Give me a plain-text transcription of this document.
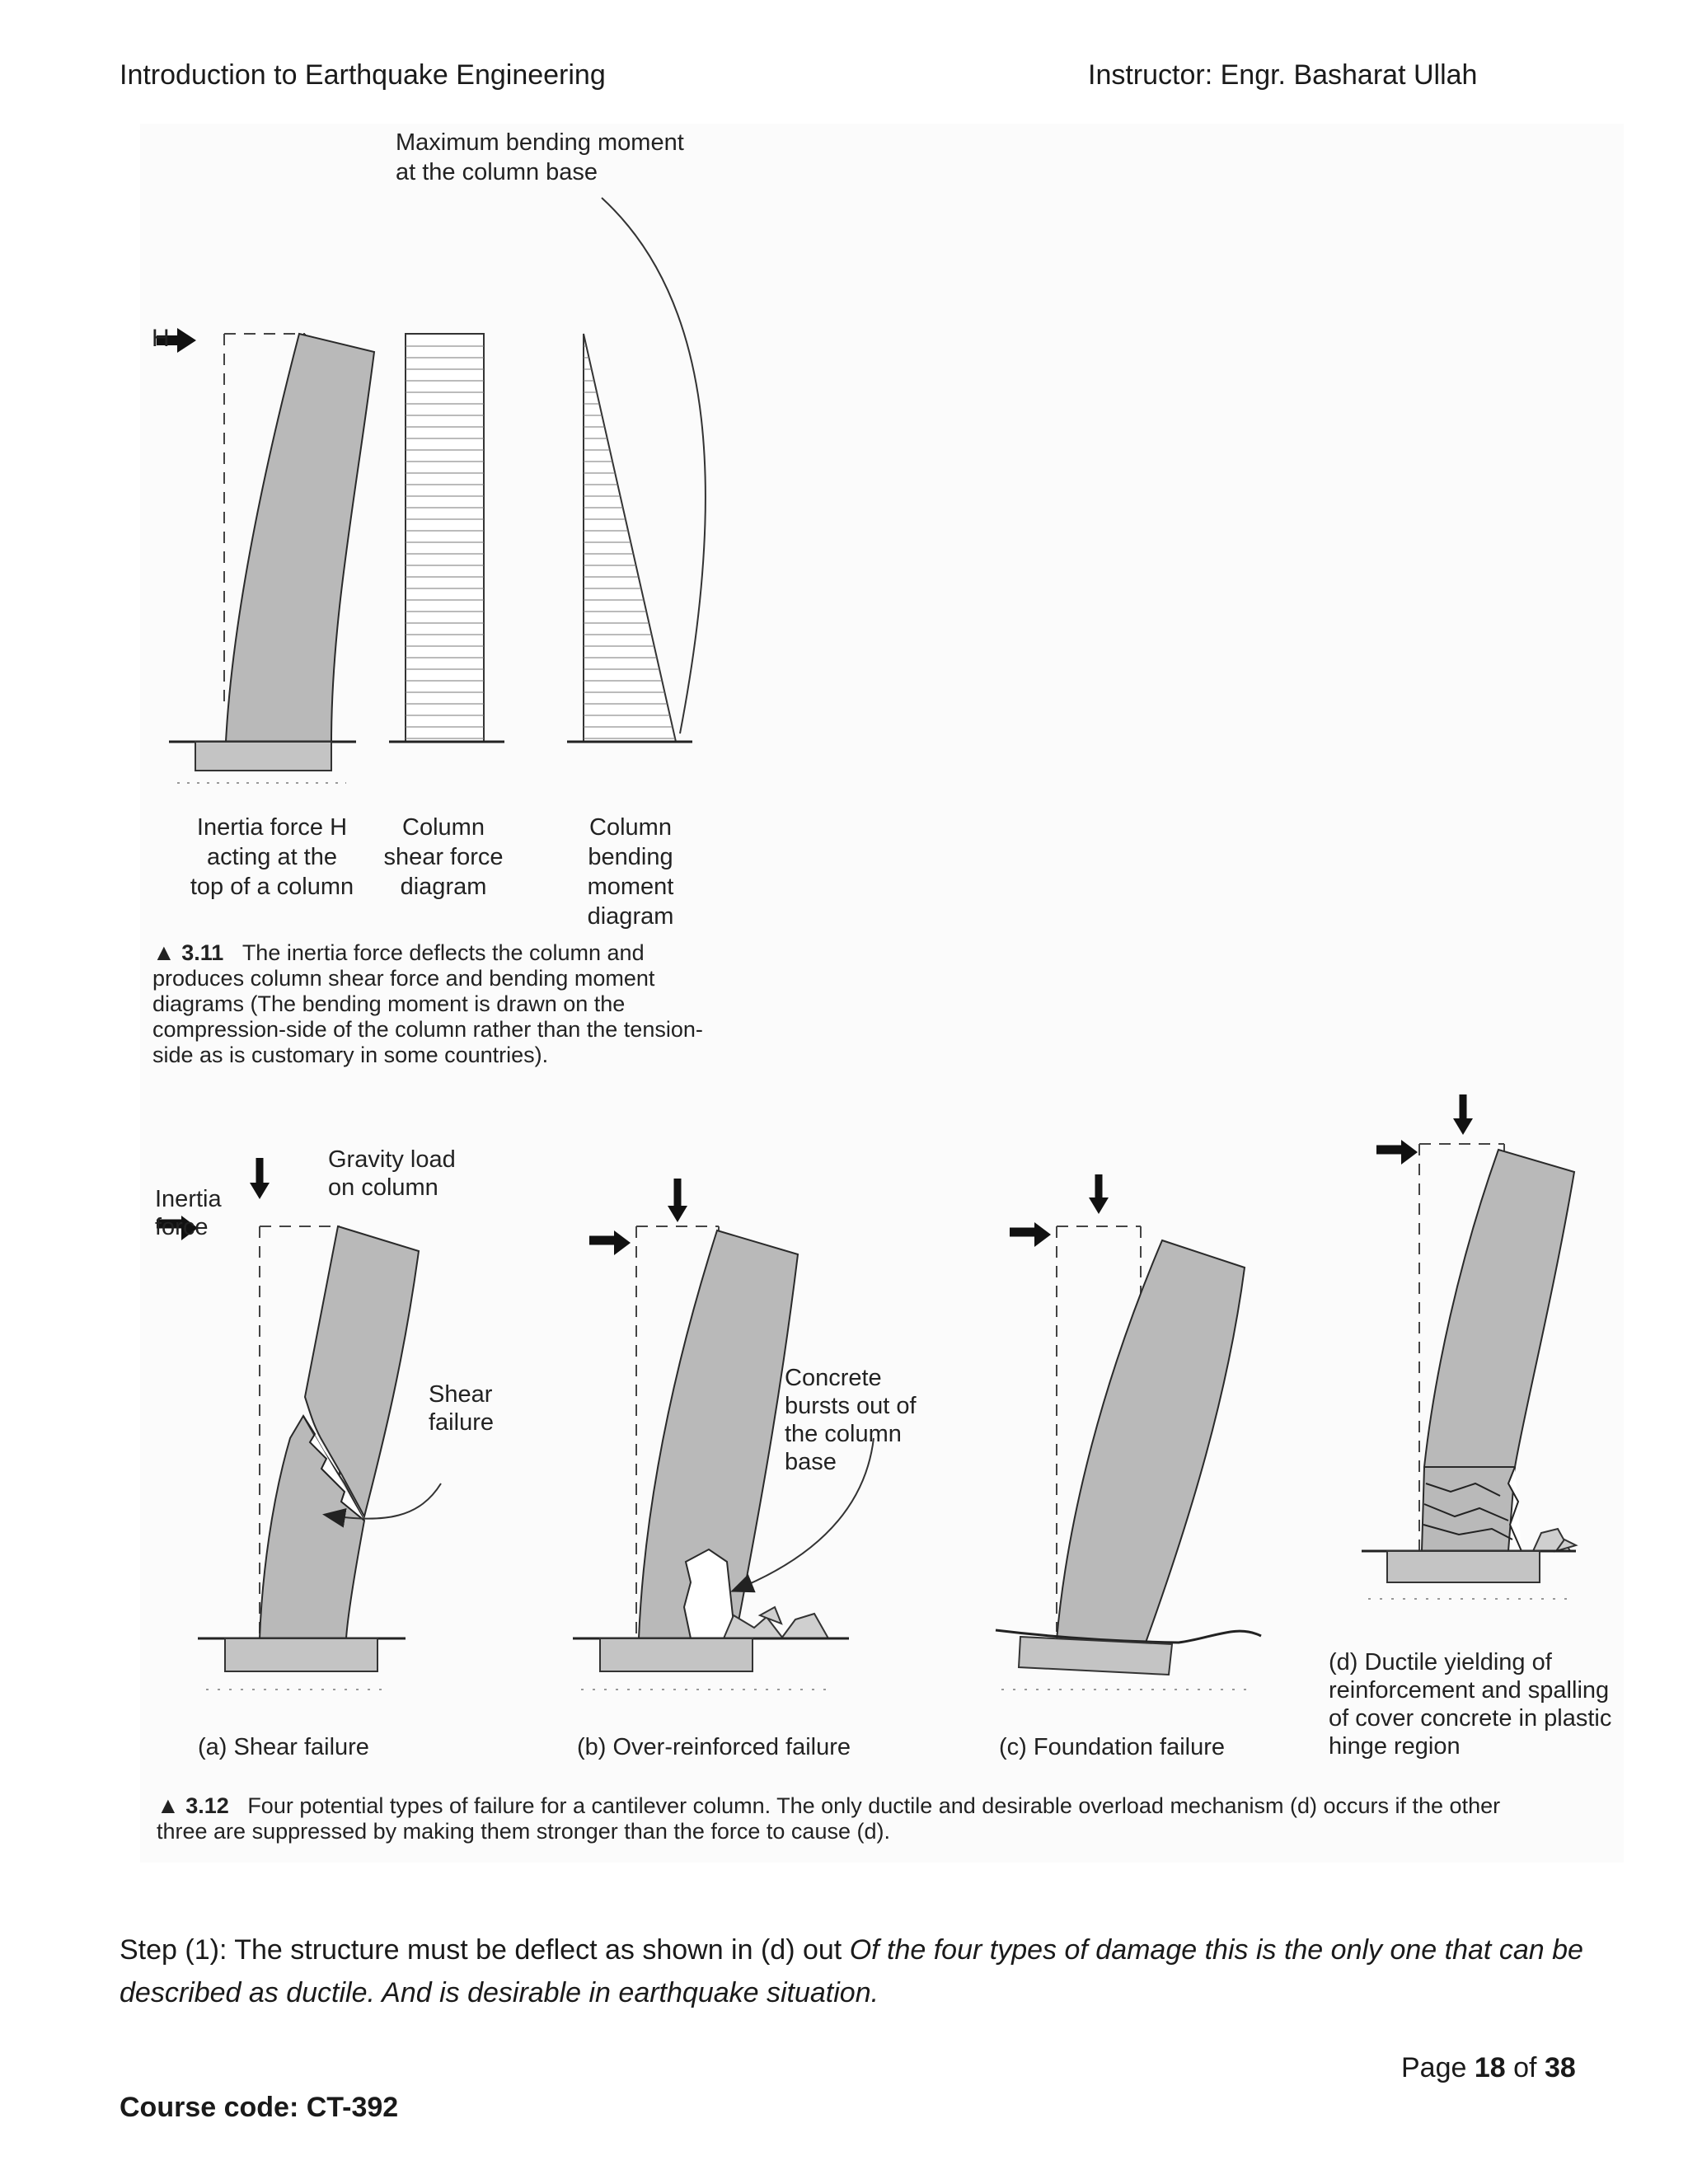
Introduction to Earthquake Engineering	Instructor: Engr. Basharat Ullah
Maximum bending moment
at the column base
H
Inertia force H
acting at the
top of a column
Column
shear force
diagram
Column
bending
moment
diagram
▲ 3.11 The inertia force deflects the column and
produces column shear force and bending moment
diagrams (The bending moment is drawn on the
compression-side of the column rather than the tension-
side as is customary in some countries).
Inertia
force
Gravity load
on column
Shear
failure
Concrete
bursts out of
the column
base
(a) Shear failure	(b) Over-reinforced failure	(c) Foundation failure
(d) Ductile yielding of
reinforcement and spalling
of cover concrete in plastic
hinge region
▲ 3.12 Four potential types of failure for a cantilever column. The only ductile and desirable overload mechanism (d) occurs if the other
three are suppressed by making them stronger than the force to cause (d).
Step (1): The structure must be deflect as shown in (d) out Of the four types of damage this is the only one that can be described as ductile. And is desirable in earthquake situation.
Page 18 of 38
Course code: CT-392
